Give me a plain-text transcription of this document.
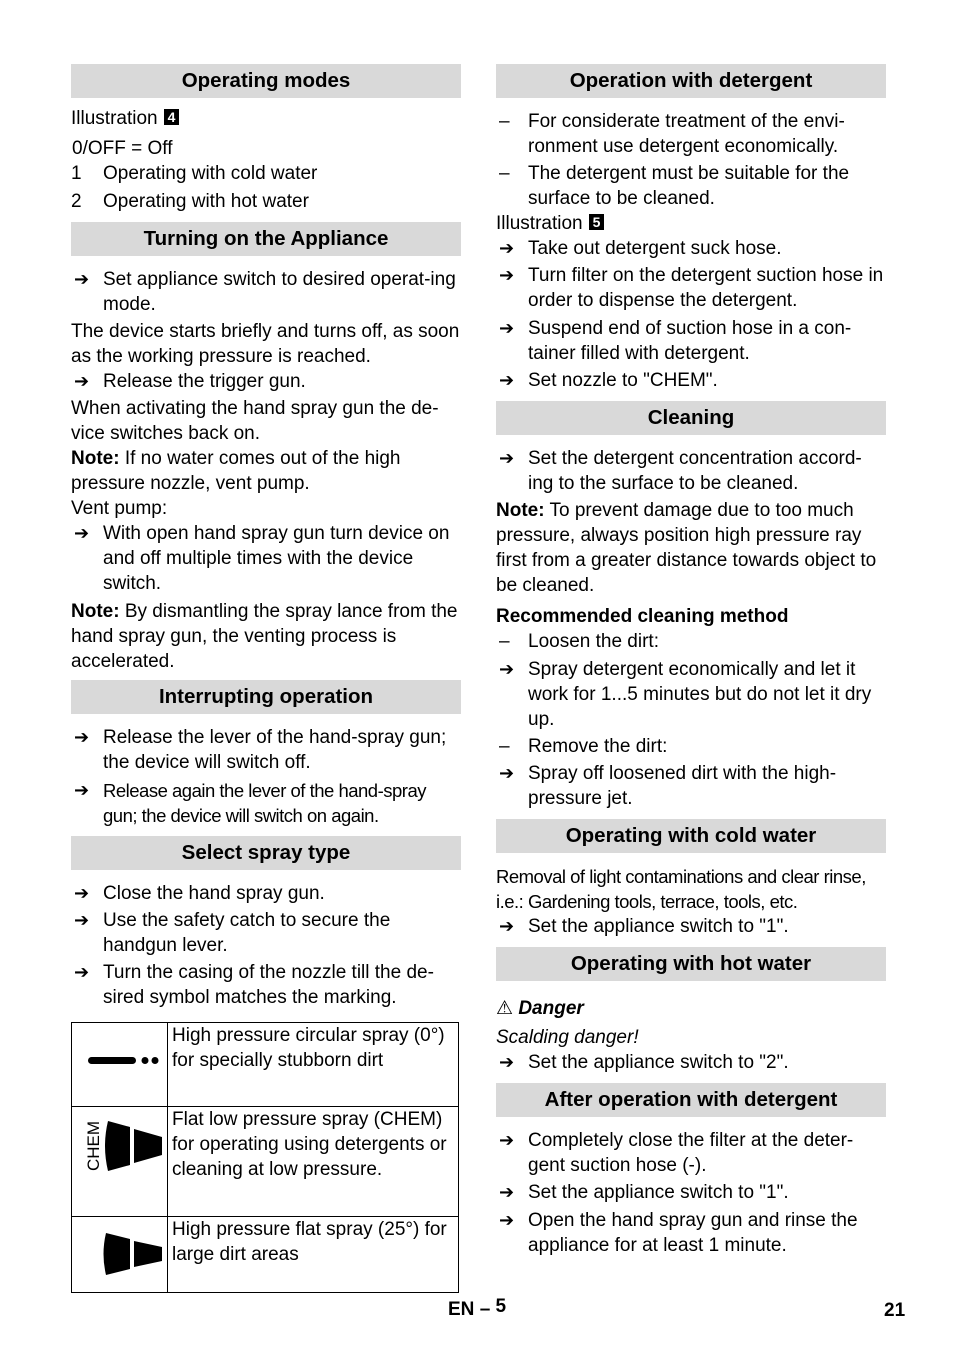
Operating modes
Illustration 4
0/OFF = Off
1 Operating with cold water
2 Operating with hot water
Turning on the Appliance
➔ Set appliance switch to desired operat-ing mode.
The device starts briefly and turns off, as soon as the working pressure is reached.
➔ Release the trigger gun.
When activating the hand spray gun the de-vice switches back on.
Note: If no water comes out of the high pressure nozzle, vent pump.
Vent pump:
➔ With open hand spray gun turn device on and off multiple times with the device switch.
Note: By dismantling the spray lance from the hand spray gun, the venting process is accelerated.
Interrupting operation
➔ Release the lever of the hand-spray gun; the device will switch off.
➔ Release again the lever of the hand-spray gun; the device will switch on again.
Select spray type
➔ Close the hand spray gun.
➔ Use the safety catch to secure the handgun lever.
➔ Turn the casing of the nozzle till the de-sired symbol matches the marking.
	High pressure circular spray (0°) for specially stubborn dirt

CHEM	Flat low pressure spray (CHEM) for operating using detergents or cleaning at low pressure.
	High pressure flat spray (25°) for large dirt areas
Operation with detergent
– For considerate treatment of the envi-ronment use detergent economically.
– The detergent must be suitable for the surface to be cleaned.
Illustration 5
➔ Take out detergent suck hose.
➔ Turn filter on the detergent suction hose in order to dispense the detergent.
➔ Suspend end of suction hose in a con-tainer filled with detergent.
➔ Set nozzle to "CHEM".
Cleaning
➔ Set the detergent concentration accord-ing to the surface to be cleaned.
Note: To prevent damage due to too much pressure, always position high pressure ray first from a greater distance towards object to be cleaned.
Recommended cleaning method
– Loosen the dirt:
➔ Spray detergent economically and let it work for 1...5 minutes but do not let it dry up.
– Remove the dirt:
➔ Spray off loosened dirt with the high-pressure jet.
Operating with cold water
Removal of light contaminations and clear rinse, i.e.: Gardening tools, terrace, tools, etc.
➔ Set the appliance switch to "1".
Operating with hot water
⚠ Danger
Scalding danger!
➔ Set the appliance switch to "2".
After operation with detergent
➔ Completely close the filter at the deter-gent suction hose (-).
➔ Set the appliance switch to "1".
➔ Open the hand spray gun and rinse the appliance for at least 1 minute.
EN – 5	21
